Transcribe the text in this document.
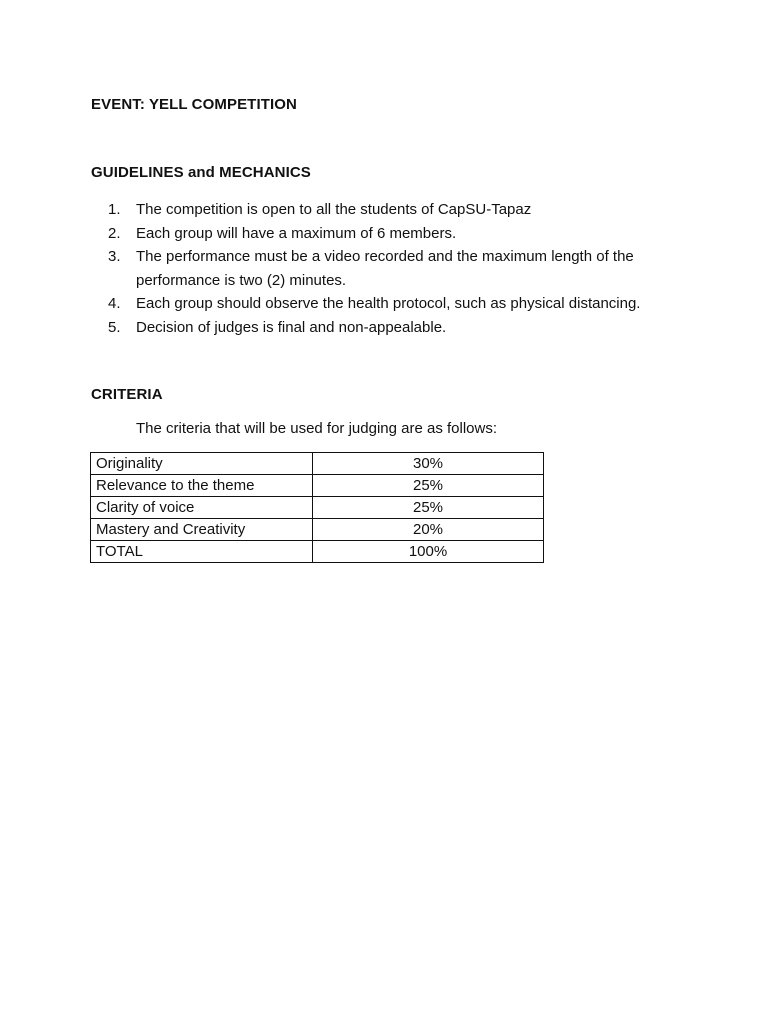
EVENT: YELL COMPETITION
GUIDELINES and MECHANICS
1.	The competition is open to all the students of CapSU-Tapaz
2.	Each group will have a maximum of 6 members.
3.	The performance must be a video recorded and the maximum length of the performance is two (2) minutes.
4.	Each group should observe the health protocol, such as physical distancing.
5.	Decision of judges is final and non-appealable.
CRITERIA
The criteria that will be used for judging are as follows:
Originality	30%
Relevance to the theme	25%
Clarity of voice	25%
Mastery and Creativity	20%
TOTAL	100%
